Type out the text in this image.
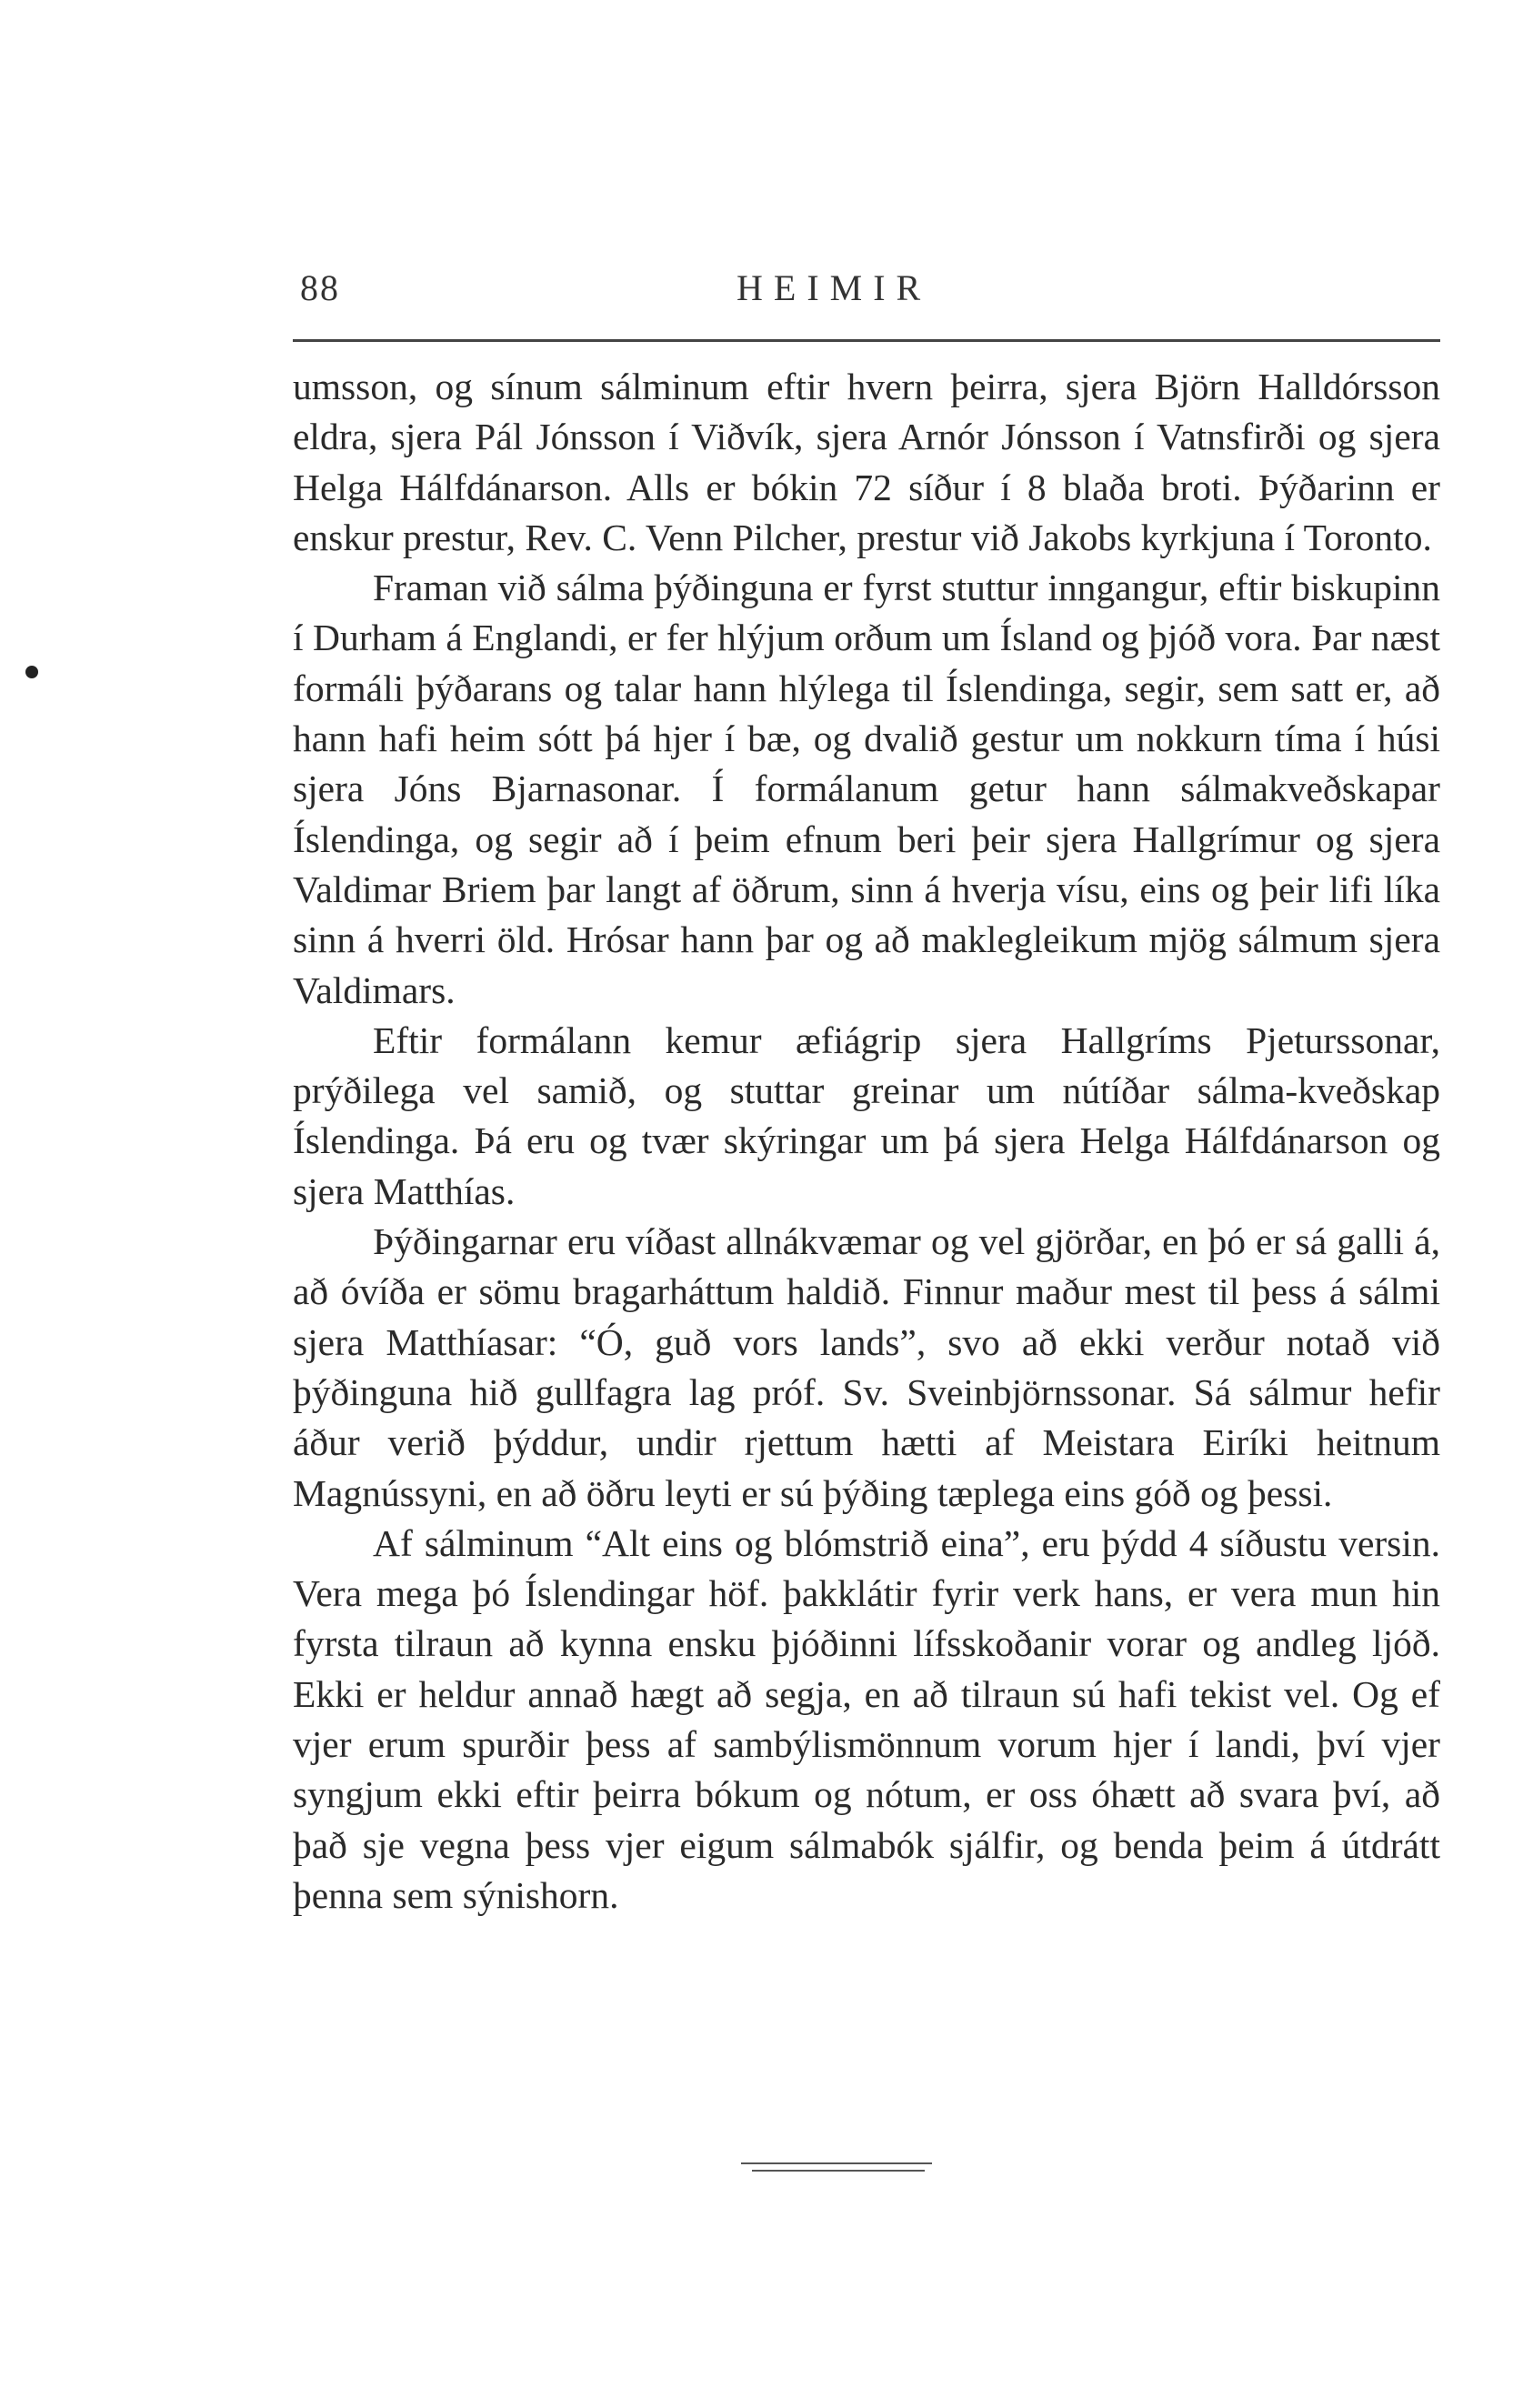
88	HEIMIR

umsson, og sínum sálminum eftir hvern þeirra, sjera Björn Halldórsson eldra, sjera Pál Jónsson í Viðvík, sjera Arnór Jónsson í Vatnsfirði og sjera Helga Hálfdánarson. Alls er bókin 72 síður í 8 blaða broti. Þýðarinn er enskur prestur, Rev. C. Venn Pilcher, prestur við Jakobs kyrkjuna í Toronto.

Framan við sálma þýðinguna er fyrst stuttur inngangur, eftir biskupinn í Durham á Englandi, er fer hlýjum orðum um Ísland og þjóð vora. Þar næst formáli þýðarans og talar hann hlýlega til Íslendinga, segir, sem satt er, að hann hafi heim sótt þá hjer í bæ, og dvalið gestur um nokkurn tíma í húsi sjera Jóns Bjarnasonar. Í formálanum getur hann sálmakveðskapar Íslendinga, og segir að í þeim efnum beri þeir sjera Hallgrímur og sjera Valdimar Briem þar langt af öðrum, sinn á hverja vísu, eins og þeir lifi líka sinn á hverri öld. Hrósar hann þar og að maklegleikum mjög sálmum sjera Valdimars.

Eftir formálann kemur æfiágrip sjera Hallgríms Pjeturssonar, prýðilega vel samið, og stuttar greinar um nútíðar sálma-kveðskap Íslendinga. Þá eru og tvær skýringar um þá sjera Helga Hálfdánarson og sjera Matthías.

Þýðingarnar eru víðast allnákvæmar og vel gjörðar, en þó er sá galli á, að óvíða er sömu bragarháttum haldið. Finnur maður mest til þess á sálmi sjera Matthíasar: “Ó, guð vors lands”, svo að ekki verður notað við þýðinguna hið gullfagra lag próf. Sv. Sveinbjörnssonar. Sá sálmur hefir áður verið þýddur, undir rjettum hætti af Meistara Eiríki heitnum Magnússyni, en að öðru leyti er sú þýðing tæplega eins góð og þessi.

Af sálminum “Alt eins og blómstrið eina”, eru þýdd 4 síðustu versin. Vera mega þó Íslendingar höf. þakklátir fyrir verk hans, er vera mun hin fyrsta tilraun að kynna ensku þjóðinni lífsskoðanir vorar og andleg ljóð. Ekki er heldur annað hægt að segja, en að tilraun sú hafi tekist vel. Og ef vjer erum spurðir þess af sambýlismönnum vorum hjer í landi, því vjer syngjum ekki eftir þeirra bókum og nótum, er oss óhætt að svara því, að það sje vegna þess vjer eigum sálmabók sjálfir, og benda þeim á útdrátt þenna sem sýnishorn.
